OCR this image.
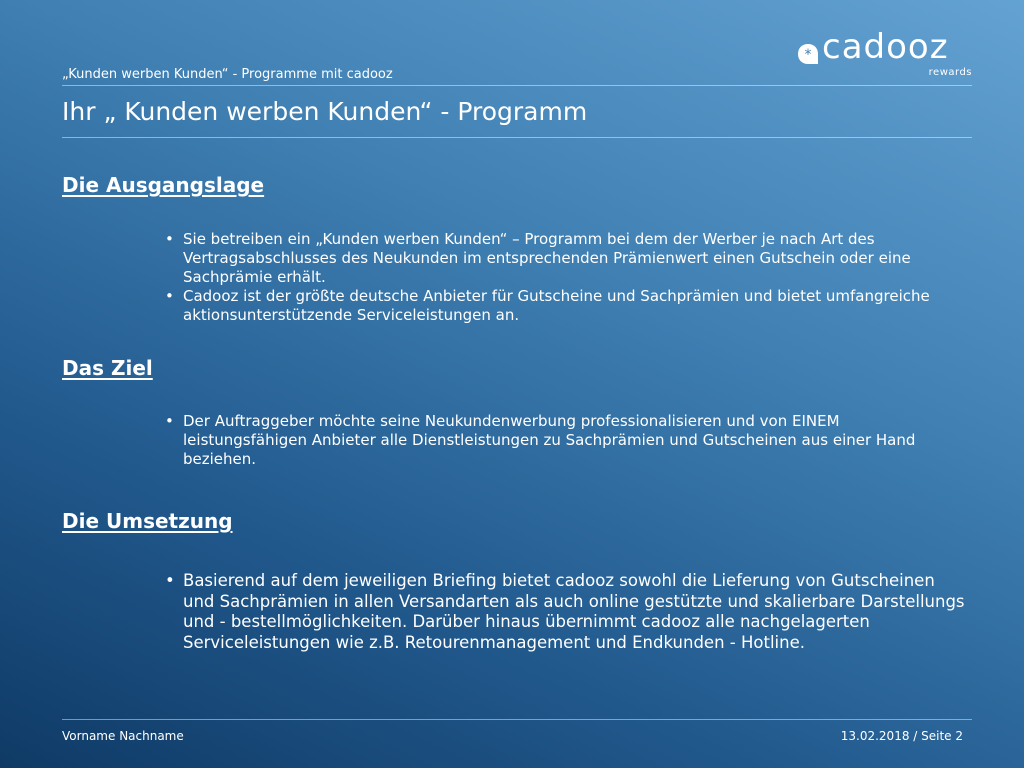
„Kunden werben Kunden“ - Programme mit cadooz
* cadooz
rewards
Ihr „ Kunden werben Kunden“ - Programm
Die Ausgangslage
• Sie betreiben ein „Kunden werben Kunden“ – Programm bei dem der Werber je nach Art des Vertragsabschlusses des Neukunden im entsprechenden Prämienwert einen Gutschein oder eine Sachprämie erhält.
• Cadooz ist der größte deutsche Anbieter für Gutscheine und Sachprämien und bietet umfangreiche aktionsunterstützende Serviceleistungen an.
Das Ziel
• Der Auftraggeber möchte seine Neukundenwerbung professionalisieren und von EINEM leistungsfähigen Anbieter alle Dienstleistungen zu Sachprämien und Gutscheinen aus einer Hand beziehen.
Die Umsetzung
• Basierend auf dem jeweiligen Briefing bietet cadooz sowohl die Lieferung von Gutscheinen und Sachprämien in allen Versandarten als auch online gestützte und skalierbare Darstellungs und - bestellmöglichkeiten. Darüber hinaus übernimmt cadooz alle nachgelagerten Serviceleistungen wie z.B. Retourenmanagement und Endkunden - Hotline.
Vorname Nachname	13.02.2018 / Seite 2
